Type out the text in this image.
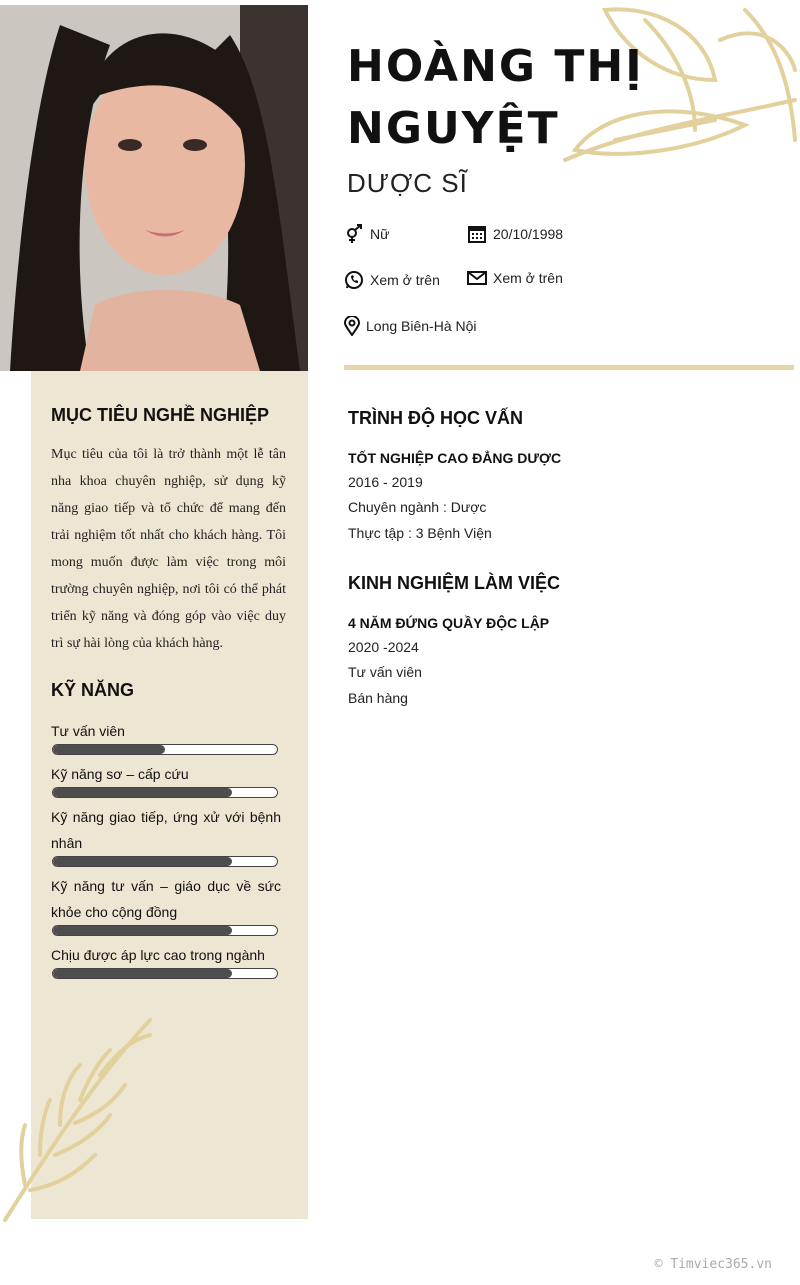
HOÀNG THỊ NGUYỆT
DƯỢC SĨ
Nữ	20/10/1998
Xem ở trên	Xem ở trên
Long Biên-Hà Nội
MỤC TIÊU NGHỀ NGHIỆP
Mục tiêu của tôi là trở thành một lễ tân nha khoa chuyên nghiệp, sử dụng kỹ năng giao tiếp và tổ chức để mang đến trải nghiệm tốt nhất cho khách hàng. Tôi mong muốn được làm việc trong môi trường chuyên nghiệp, nơi tôi có thể phát triển kỹ năng và đóng góp vào việc duy trì sự hài lòng của khách hàng.
KỸ NĂNG
Tư vấn viên
Kỹ năng sơ – cấp cứu
Kỹ năng giao tiếp, ứng xử với bệnh nhân
Kỹ năng tư vấn – giáo dục về sức khỏe cho cộng đồng
Chịu được áp lực cao trong ngành
TRÌNH ĐỘ HỌC VẤN
TỐT NGHIỆP CAO ĐẲNG DƯỢC
2016 - 2019
Chuyên ngành : Dược
Thực tập : 3 Bệnh Viện
KINH NGHIỆM LÀM VIỆC
4 NĂM ĐỨNG QUẦY ĐỘC LẬP
2020 -2024
Tư vấn viên
Bán hàng
© Timviec365.vn
